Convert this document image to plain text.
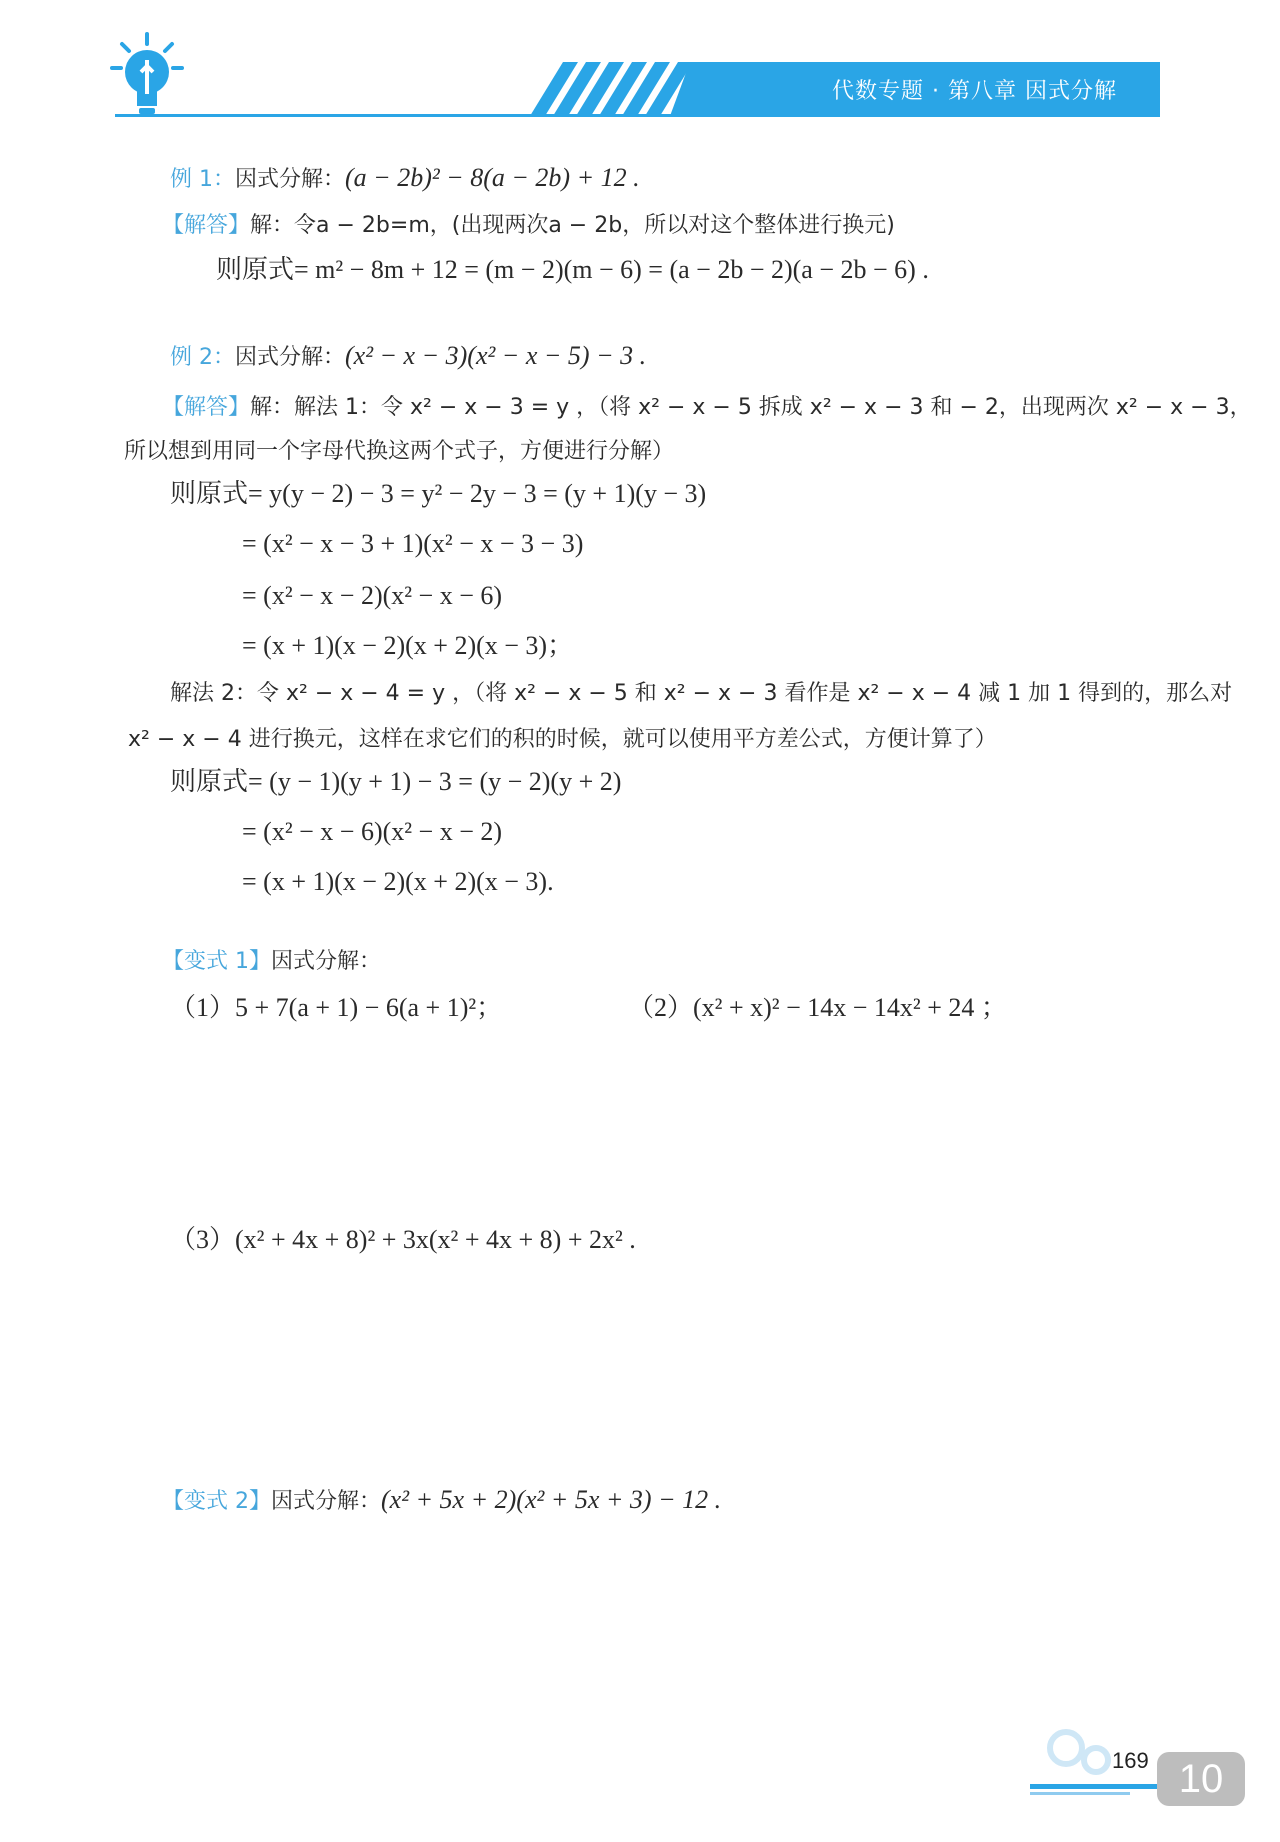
代数专题 · 第八章 因式分解
例 1：因式分解：(a − 2b)² − 8(a − 2b) + 12 .
【解答】解：令a − 2b=m，(出现两次a − 2b，所以对这个整体进行换元)
则原式= m² − 8m + 12 = (m − 2)(m − 6) = (a − 2b − 2)(a − 2b − 6) .
例 2：因式分解：(x² − x − 3)(x² − x − 5) − 3 .
【解答】解：解法 1：令 x² − x − 3 = y ，（将 x² − x − 5 拆成 x² − x − 3 和 − 2，出现两次 x² − x − 3，
所以想到用同一个字母代换这两个式子，方便进行分解）
则原式= y(y − 2) − 3 = y² − 2y − 3 = (y + 1)(y − 3)
= (x² − x − 3 + 1)(x² − x − 3 − 3)
= (x² − x − 2)(x² − x − 6)
= (x + 1)(x − 2)(x + 2)(x − 3)；
解法 2：令 x² − x − 4 = y ，（将 x² − x − 5 和 x² − x − 3 看作是 x² − x − 4 减 1 加 1 得到的，那么对
x² − x − 4 进行换元，这样在求它们的积的时候，就可以使用平方差公式，方便计算了）
则原式= (y − 1)(y + 1) − 3 = (y − 2)(y + 2)
= (x² − x − 6)(x² − x − 2)
= (x + 1)(x − 2)(x + 2)(x − 3).
【变式 1】因式分解：
（1）5 + 7(a + 1) − 6(a + 1)²；	（2）(x² + x)² − 14x − 14x² + 24 ；
（3）(x² + 4x + 8)² + 3x(x² + 4x + 8) + 2x² .
【变式 2】因式分解：(x² + 5x + 2)(x² + 5x + 3) − 12 .
169 10
